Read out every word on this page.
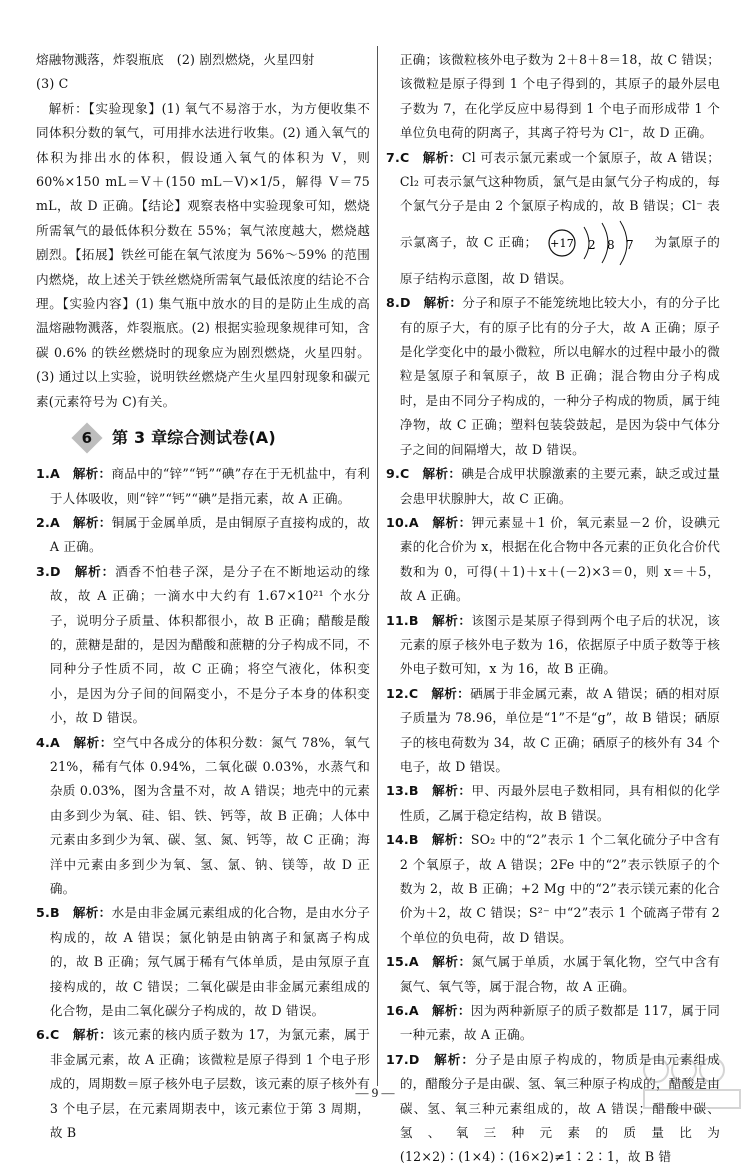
熔融物溅落，炸裂瓶底　(2) 剧烈燃烧，火星四射

(3) C

解析：【实验现象】(1) 氧气不易溶于水，为方便收集不同体积分数的氧气，可用排水法进行收集。(2) 通入氧气的体积为排出水的体积，假设通入氧气的体积为 V，则 60%×150 mL＝V＋(150 mL－V)×1/5，解得 V＝75 mL，故 D 正确。【结论】观察表格中实验现象可知，燃烧所需氧气的最低体积分数在 55%；氧气浓度越大，燃烧越剧烈。【拓展】铁丝可能在氧气浓度为 56%～59% 的范围内燃烧，故上述关于铁丝燃烧所需氧气最低浓度的结论不合理。【实验内容】(1) 集气瓶中放水的目的是防止生成的高温熔融物溅落，炸裂瓶底。(2) 根据实验现象规律可知，含碳 0.6% 的铁丝燃烧时的现象应为剧烈燃烧，火星四射。(3) 通过以上实验，说明铁丝燃烧产生火星四射现象和碳元素(元素符号为 C)有关。

6	第 3 章综合测试卷(A)
1.A　 解析：商品中的“锌”“钙”“碘”存在于无机盐中，有利于人体吸收，则“锌”“钙”“碘”是指元素，故 A 正确。
2.A　 解析：铜属于金属单质，是由铜原子直接构成的，故 A 正确。
3.D　 解析：酒香不怕巷子深，是分子在不断地运动的缘故，故 A 正确；一滴水中大约有 1.67×10²¹ 个水分子，说明分子质量、体积都很小，故 B 正确；醋酸是酸的，蔗糖是甜的，是因为醋酸和蔗糖的分子构成不同，不同种分子性质不同，故 C 正确；将空气液化，体积变小，是因为分子间的间隔变小，不是分子本身的体积变小，故 D 错误。
4.A　 解析：空气中各成分的体积分数：氮气 78%，氧气 21%，稀有气体 0.94%，二氧化碳 0.03%，水蒸气和杂质 0.03%，图为含量不对，故 A 错误；地壳中的元素由多到少为氧、硅、铝、铁、钙等，故 B 正确；人体中元素由多到少为氧、碳、氢、氮、钙等，故 C 正确；海洋中元素由多到少为氧、氢、氯、钠、镁等，故 D 正确。
5.B　 解析：水是由非金属元素组成的化合物，是由水分子构成的，故 A 错误；氯化钠是由钠离子和氯离子构成的，故 B 正确；氖气属于稀有气体单质，是由氖原子直接构成的，故 C 错误；二氧化碳是由非金属元素组成的化合物，是由二氧化碳分子构成的，故 D 错误。
6.C　 解析：该元素的核内质子数为 17，为氯元素，属于非金属元素，故 A 正确；该微粒是原子得到 1 个电子形成的，周期数＝原子核外电子层数，该元素的原子核外有 3 个电子层，在元素周期表中，该元素位于第 3 周期，故 B

正确；该微粒核外电子数为 2＋8＋8＝18，故 C 错误；该微粒是原子得到 1 个电子得到的，其原子的最外层电子数为 7，在化学反应中易得到 1 个电子而形成带 1 个单位负电荷的阴离子，其离子符号为 Cl⁻，故 D 正确。

7.C　 解析：Cl 可表示氯元素或一个氯原子，故 A 错误；Cl₂ 可表示氯气这种物质，氯气是由氯气分子构成的，每个氯气分子是由 2 个氯原子构成的，故 B 错误；Cl⁻ 表示氯离子，故 C 正确； +17 2 8 7 为氯原子的原子结构示意图，故 D 错误。
8.D　 解析：分子和原子不能笼统地比较大小，有的分子比有的原子大，有的原子比有的分子大，故 A 正确；原子是化学变化中的最小微粒，所以电解水的过程中最小的微粒是氢原子和氧原子，故 B 正确；混合物由分子构成时，是由不同分子构成的，一种分子构成的物质，属于纯净物，故 C 正确；塑料包装袋鼓起，是因为袋中气体分子之间的间隔增大，故 D 错误。
9.C　 解析：碘是合成甲状腺激素的主要元素，缺乏或过量会患甲状腺肿大，故 C 正确。
10.A　 解析：钾元素显＋1 价，氧元素显－2 价，设碘元素的化合价为 x，根据在化合物中各元素的正负化合价代数和为 0，可得(＋1)＋x＋(－2)×3＝0，则 x＝＋5，故 A 正确。
11.B　 解析：该图示是某原子得到两个电子后的状况，该元素的原子核外电子数为 16，依据原子中质子数等于核外电子数可知，x 为 16，故 B 正确。
12.C　 解析：硒属于非金属元素，故 A 错误；硒的相对原子质量为 78.96，单位是“1”不是“g”，故 B 错误；硒原子的核电荷数为 34，故 C 正确；硒原子的核外有 34 个电子，故 D 错误。
13.B　 解析：甲、丙最外层电子数相同，具有相似的化学性质，乙属于稳定结构，故 B 错误。
14.B　 解析：SO₂ 中的“2”表示 1 个二氧化硫分子中含有 2 个氧原子，故 A 错误；2Fe 中的“2”表示铁原子的个数为 2，故 B 正确；+2 Mg 中的“2”表示镁元素的化合价为＋2，故 C 错误；S²⁻ 中“2”表示 1 个硫离子带有 2 个单位的负电荷，故 D 错误。
15.A　 解析：氮气属于单质，水属于氧化物，空气中含有氮气、氧气等，属于混合物，故 A 正确。
16.A　 解析：因为两种新原子的质子数都是 117，属于同一种元素，故 A 正确。
17.D　 解析：分子是由原子构成的，物质是由元素组成的，醋酸分子是由碳、氢、氧三种原子构成的，醋酸是由碳、氢、氧三种元素组成的，故 A 错误；醋酸中碳、氢、氧三种元素的质量比为(12×2)∶(1×4)∶(16×2)≠1∶2∶1，故 B 错
— 9 —
